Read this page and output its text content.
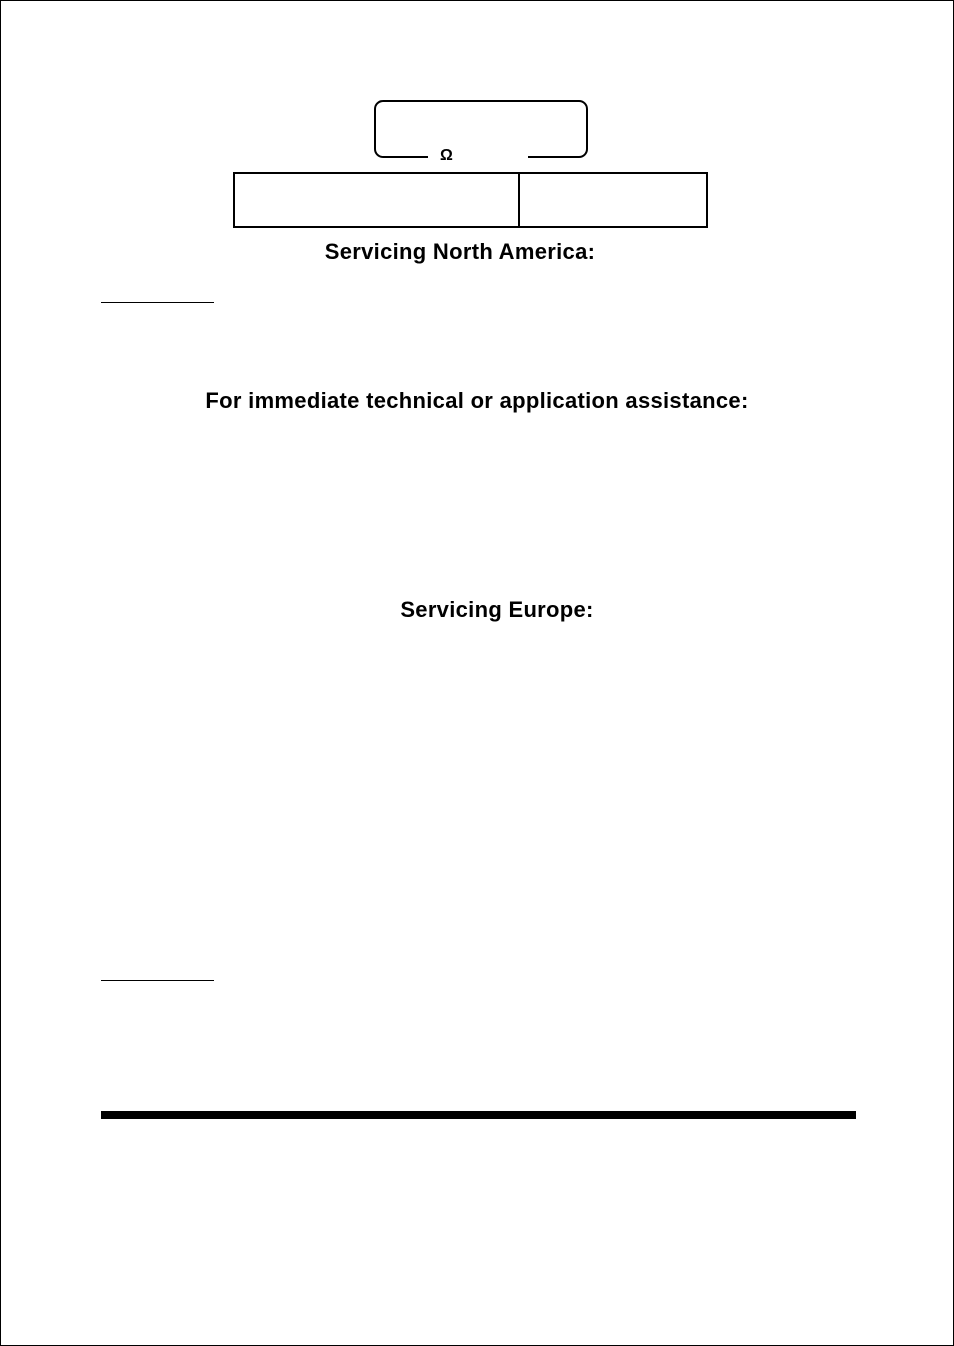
Ω
Servicing North America:
For immediate technical or application assistance:
Servicing Europe:
